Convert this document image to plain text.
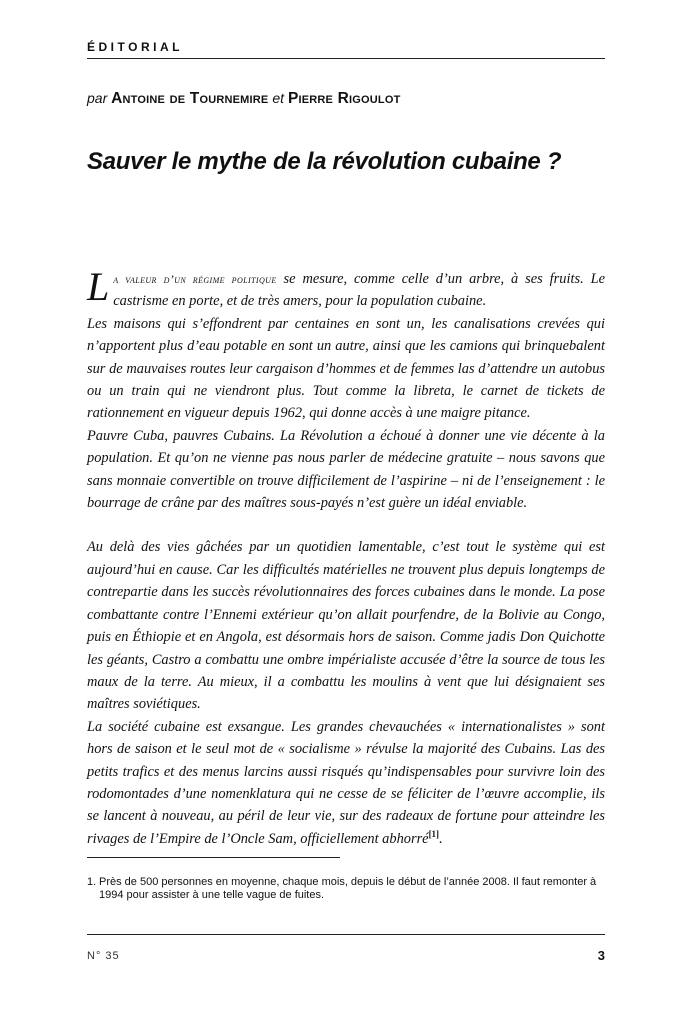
ÉDITORIAL
par Antoine de Tournemire et Pierre Rigoulot
Sauver le mythe de la révolution cubaine ?

La valeur d’un régime politique se mesure, comme celle d’un arbre, à ses fruits. Le castrisme en porte, et de très amers, pour la population cubaine.

Les maisons qui s’effondrent par centaines en sont un, les canalisations crevées qui n’apportent plus d’eau potable en sont un autre, ainsi que les camions qui brinquebalent sur de mauvaises routes leur cargaison d’hommes et de femmes las d’attendre un autobus ou un train qui ne viendront plus. Tout comme la libreta, le carnet de tickets de rationnement en vigueur depuis 1962, qui donne accès à une maigre pitance.

Pauvre Cuba, pauvres Cubains. La Révolution a échoué à donner une vie décente à la population. Et qu’on ne vienne pas nous parler de médecine gratuite – nous savons que sans monnaie convertible on trouve difficilement de l’aspirine – ni de l’enseignement : le bourrage de crâne par des maîtres sous-payés n’est guère un idéal enviable.

Au delà des vies gâchées par un quotidien lamentable, c’est tout le système qui est aujourd’hui en cause. Car les difficultés matérielles ne trouvent plus depuis longtemps de contrepartie dans les succès révolutionnaires des forces cubaines dans le monde. La pose combattante contre l’Ennemi extérieur qu’on allait pourfendre, de la Bolivie au Congo, puis en Éthiopie et en Angola, est désormais hors de saison. Comme jadis Don Quichotte les géants, Castro a combattu une ombre impérialiste accusée d’être la source de tous les maux de la terre. Au mieux, il a combattu les moulins à vent que lui désignaient ses maîtres soviétiques.

La société cubaine est exsangue. Les grandes chevauchées « internationalistes » sont hors de saison et le seul mot de « socialisme » révulse la majorité des Cubains. Las des petits trafics et des menus larcins aussi risqués qu’indispensables pour survivre loin des rodomontades d’une nomenklatura qui ne cesse de se féliciter de l’œuvre accomplie, ils se lancent à nouveau, au péril de leur vie, sur des radeaux de fortune pour atteindre les rivages de l’Empire de l’Oncle Sam, officiellement abhorré[1].

1. Près de 500 personnes en moyenne, chaque mois, depuis le début de l’année 2008. Il faut remonter à 1994 pour assister à une telle vague de fuites.
N° 35	3
